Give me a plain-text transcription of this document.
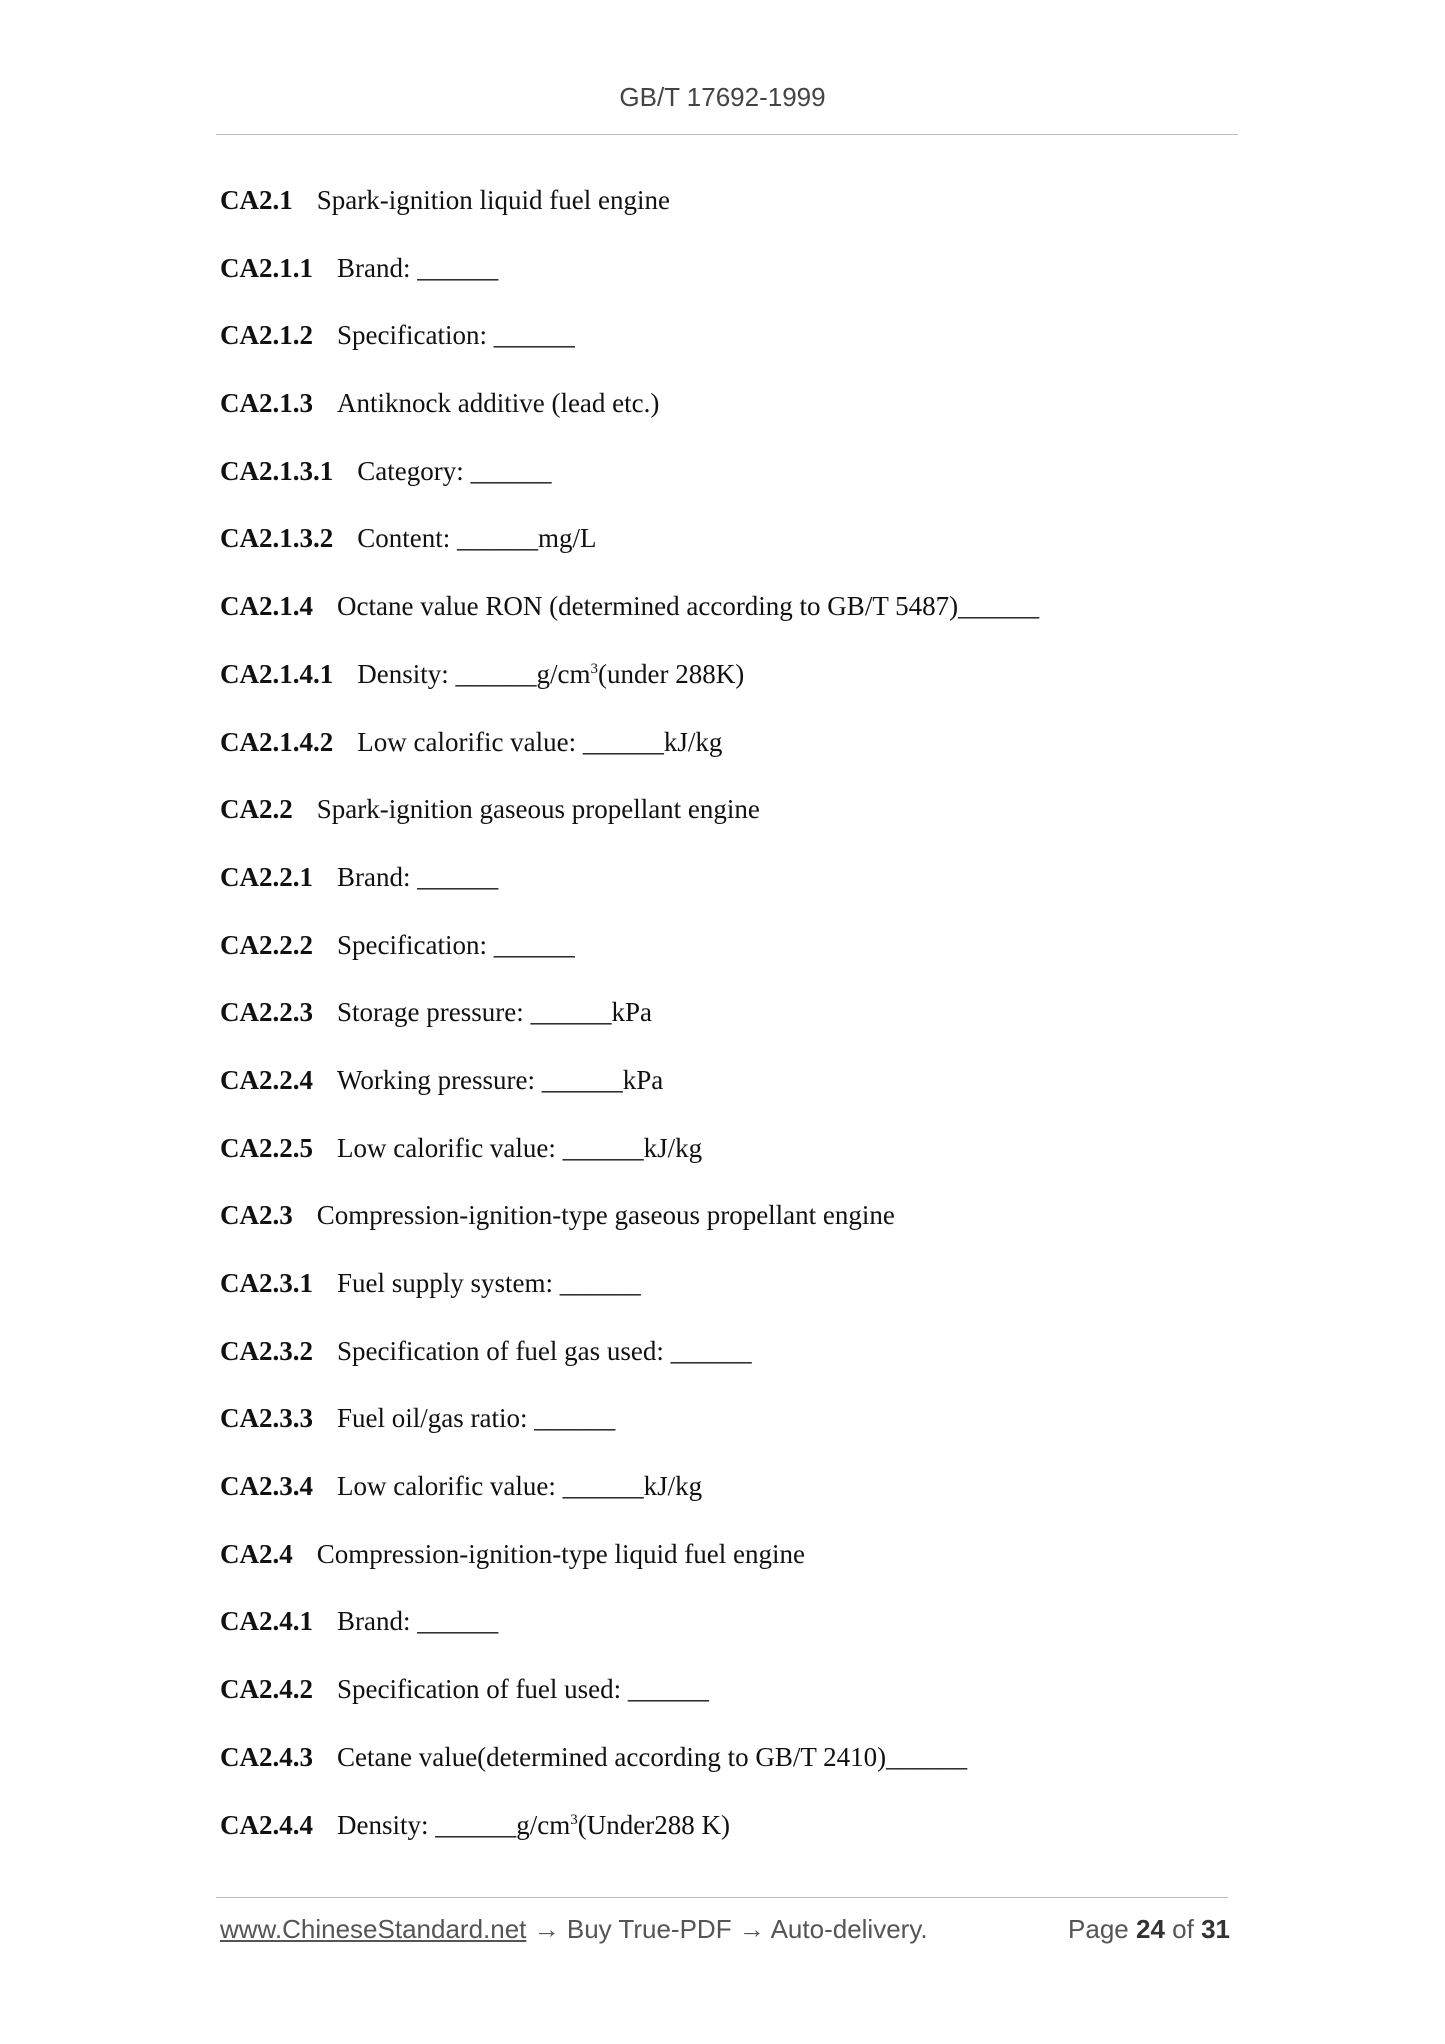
GB/T 17692-1999
CA2.1 Spark-ignition liquid fuel engine
CA2.1.1 Brand: ______
CA2.1.2 Specification: ______
CA2.1.3 Antiknock additive (lead etc.)
CA2.1.3.1 Category: ______
CA2.1.3.2 Content: ______mg/L
CA2.1.4 Octane value RON (determined according to GB/T 5487)______
CA2.1.4.1 Density: $\_\_\_\_\_\_g/cm^3(under$ 288K)
CA2.1.4.2 Low calorific value: ______kJ/kg
CA2.2 Spark-ignition gaseous propellant engine
CA2.2.1 Brand: ______
CA2.2.2 Specification: ______
CA2.2.3 Storage pressure: ______kPa
CA2.2.4 Working pressure: ______kPa
CA2.2.5 Low calorific value: ______kJ/kg
CA2.3 Compression-ignition-type gaseous propellant engine
CA2.3.1 Fuel supply system: ______
CA2.3.2 Specification of fuel gas used: ______
CA2.3.3 Fuel oil/gas ratio: ______
CA2.3.4 Low calorific value: ______kJ/kg
CA2.4 Compression-ignition-type liquid fuel engine
CA2.4.1 Brand: ______
CA2.4.2 Specification of fuel used: ______
CA2.4.3 Cetane value(determined according to GB/T 2410)______
CA2.4.4 Density: $\_\_\_\_\_\_g/cm^3(Under288$ K)
www.ChineseStandard.net → Buy True-PDF → Auto-delivery.	Page 24 of 31
